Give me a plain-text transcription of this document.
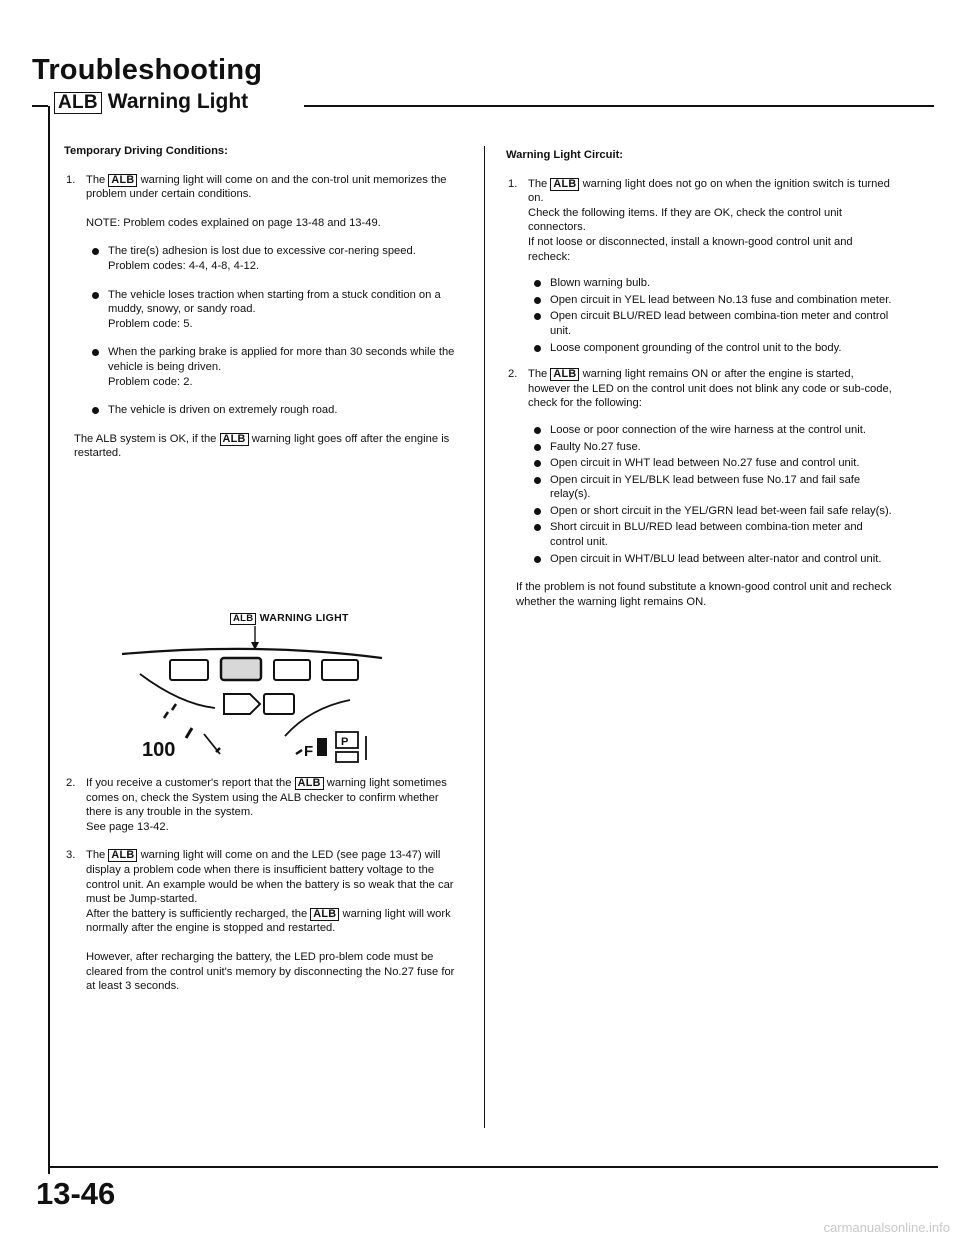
Troubleshooting
ALB Warning Light

Temporary Driving Conditions:

1. The ALB warning light will come on and the con-trol unit memorizes the problem under certain conditions.

NOTE: Problem codes explained on page 13-48 and 13-49.

The tire(s) adhesion is lost due to excessive cor-nering speed.

Problem codes: 4-4, 4-8, 4-12.

The vehicle loses traction when starting from a stuck condition on a muddy, snowy, or sandy road.

Problem code: 5.

When the parking brake is applied for more than 30 seconds while the vehicle is being driven.

Problem code: 2.

The vehicle is driven on extremely rough road.

The ALB system is OK, if the ALB warning light goes off after the engine is restarted.

ALB WARNING LIGHT
100	F
P
2. If you receive a customer's report that the ALB warning light sometimes comes on, check the System using the ALB checker to confirm whether there is any trouble in the system.

See page 13-42.

3. The ALB warning light will come on and the LED (see page 13-47) will display a problem code when there is insufficient battery voltage to the control unit. An example would be when the battery is so weak that the car must be Jump-started.

After the battery is sufficiently recharged, the ALB warning light will work normally after the engine is stopped and restarted.

However, after recharging the battery, the LED pro-blem code must be cleared from the control unit's memory by disconnecting the No.27 fuse for at least 3 seconds.

Warning Light Circuit:

1. The ALB warning light does not go on when the ignition switch is turned on.

Check the following items. If they are OK, check the control unit connectors.

If not loose or disconnected, install a known-good control unit and recheck:

Blown warning bulb.
Open circuit in YEL lead between No.13 fuse and combination meter.
Open circuit BLU/RED lead between combina-tion meter and control unit.
Loose component grounding of the control unit to the body.
2. The ALB warning light remains ON or after the engine is started, however the LED on the control unit does not blink any code or sub-code, check for the following:
Loose or poor connection of the wire harness at the control unit.
Faulty No.27 fuse.
Open circuit in WHT lead between No.27 fuse and control unit.
Open circuit in YEL/BLK lead between fuse No.17 and fail safe relay(s).
Open or short circuit in the YEL/GRN lead bet-ween fail safe relay(s).
Short circuit in BLU/RED lead between combina-tion meter and control unit.
Open circuit in WHT/BLU lead between alter-nator and control unit.

If the problem is not found substitute a known-good control unit and recheck whether the warning light remains ON.

13-46
carmanualsonline.info
